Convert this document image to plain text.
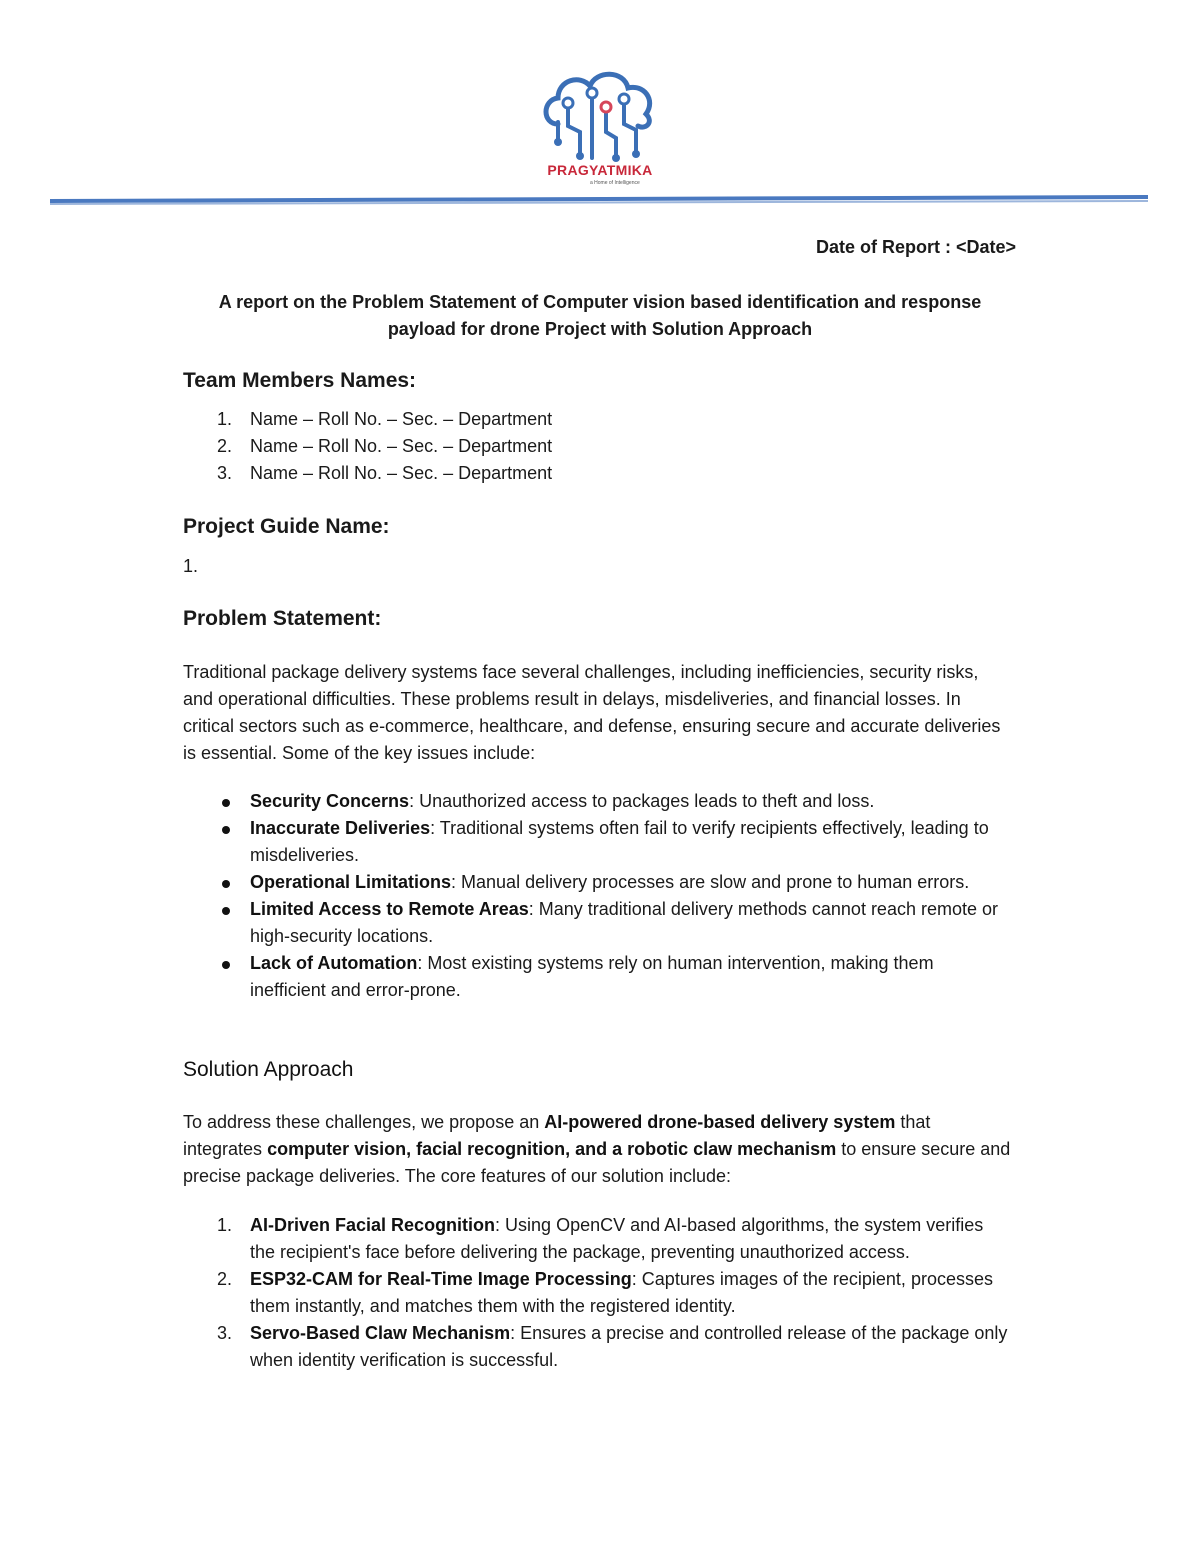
PRAGYATMIKA
a Home of Intelligence
Date of Report : <Date>
A report on the Problem Statement of Computer vision based identification and response payload for drone Project with Solution Approach
Team Members Names:
1. Name – Roll No. – Sec. – Department
2. Name – Roll No. – Sec. – Department
3. Name – Roll No. – Sec. – Department
Project Guide Name:
1.
Problem Statement:

Traditional package delivery systems face several challenges, including inefficiencies, security risks, and operational difficulties. These problems result in delays, misdeliveries, and financial losses. In critical sectors such as e-commerce, healthcare, and defense, ensuring secure and accurate deliveries is essential. Some of the key issues include:

Security Concerns: Unauthorized access to packages leads to theft and loss.
Inaccurate Deliveries: Traditional systems often fail to verify recipients effectively, leading to misdeliveries.
Operational Limitations: Manual delivery processes are slow and prone to human errors.
Limited Access to Remote Areas: Many traditional delivery methods cannot reach remote or high-security locations.
Lack of Automation: Most existing systems rely on human intervention, making them inefficient and error-prone.
Solution Approach

To address these challenges, we propose an AI-powered drone-based delivery system that integrates computer vision, facial recognition, and a robotic claw mechanism to ensure secure and precise package deliveries. The core features of our solution include:

1. AI-Driven Facial Recognition: Using OpenCV and AI-based algorithms, the system verifies the recipient's face before delivering the package, preventing unauthorized access.
2. ESP32-CAM for Real-Time Image Processing: Captures images of the recipient, processes them instantly, and matches them with the registered identity.
3. Servo-Based Claw Mechanism: Ensures a precise and controlled release of the package only when identity verification is successful.
